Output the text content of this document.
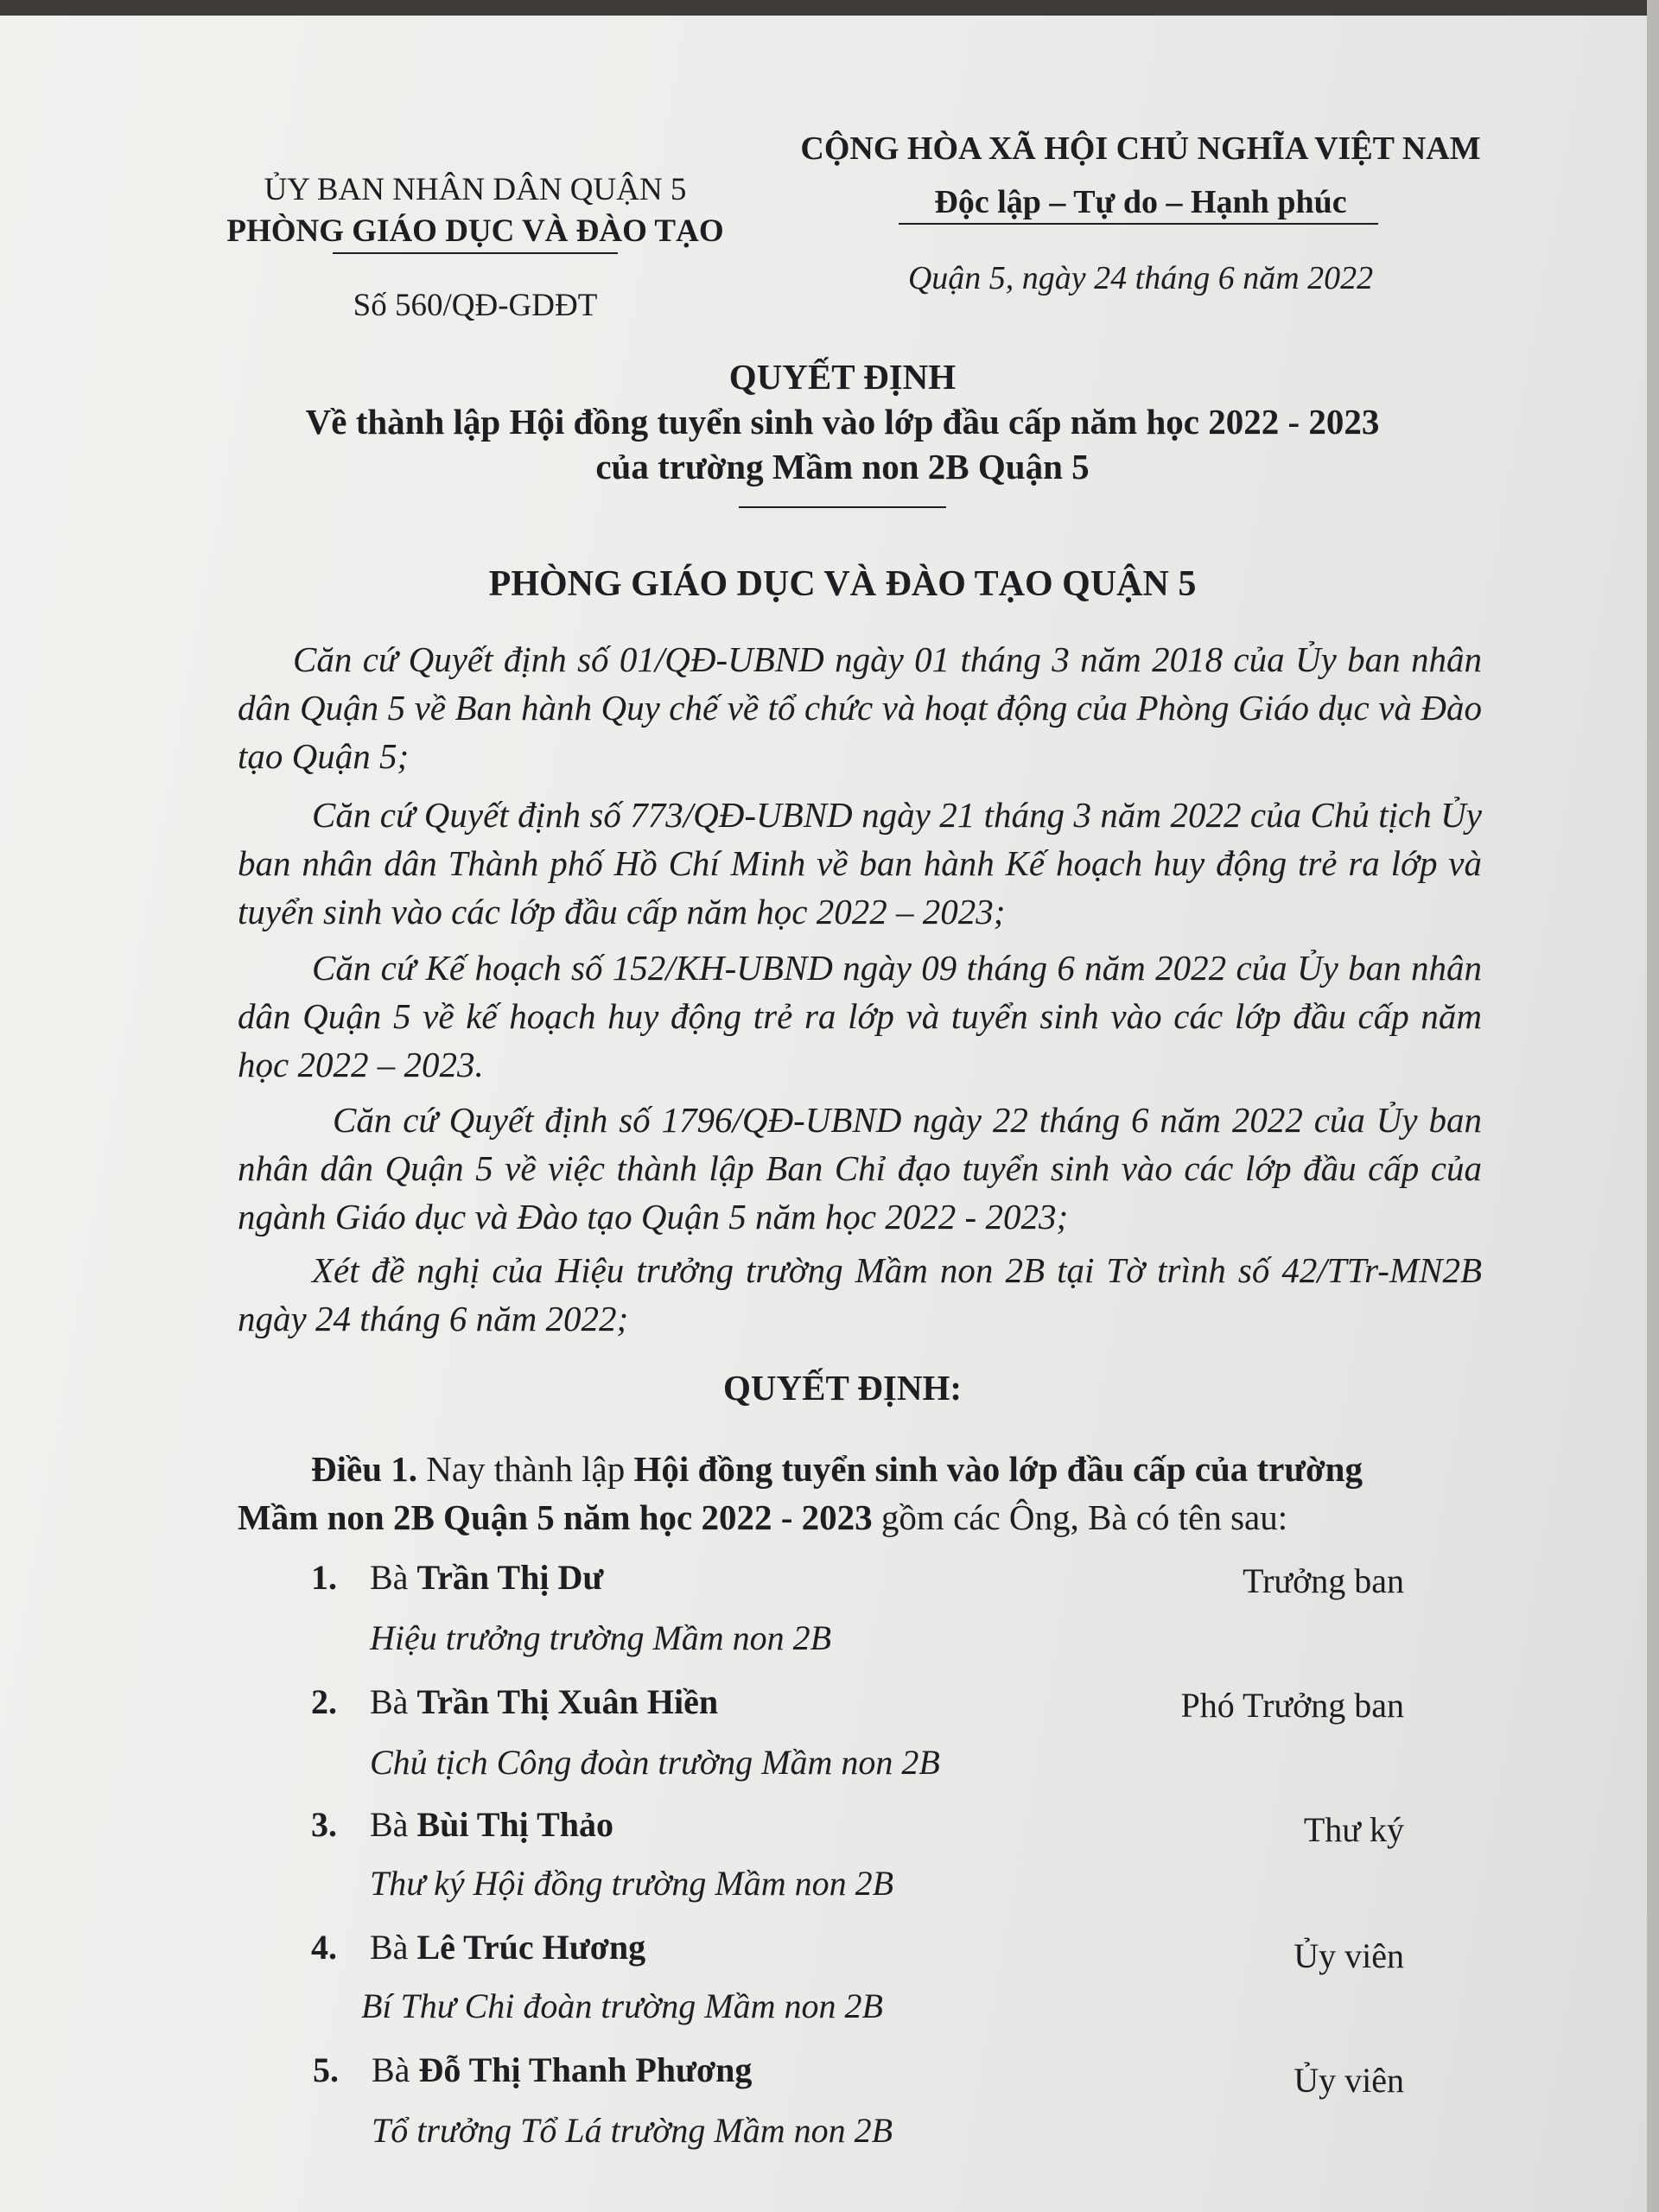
ỦY BAN NHÂN DÂN QUẬN 5
PHÒNG GIÁO DỤC VÀ ĐÀO TẠO
Số 560/QĐ-GDĐT
CỘNG HÒA XÃ HỘI CHỦ NGHĨA VIỆT NAM
Độc lập – Tự do – Hạnh phúc
Quận 5, ngày 24 tháng 6 năm 2022
QUYẾT ĐỊNH
Về thành lập Hội đồng tuyển sinh vào lớp đầu cấp năm học 2022 - 2023
của trường Mầm non 2B Quận 5
PHÒNG GIÁO DỤC VÀ ĐÀO TẠO QUẬN 5
Căn cứ Quyết định số 01/QĐ-UBND ngày 01 tháng 3 năm 2018 của Ủy ban nhân dân Quận 5 về Ban hành Quy chế về tổ chức và hoạt động của Phòng Giáo dục và Đào tạo Quận 5;
Căn cứ Quyết định số 773/QĐ-UBND ngày 21 tháng 3 năm 2022 của Chủ tịch Ủy ban nhân dân Thành phố Hồ Chí Minh về ban hành Kế hoạch huy động trẻ ra lớp và tuyển sinh vào các lớp đầu cấp năm học 2022 – 2023;
Căn cứ Kế hoạch số 152/KH-UBND ngày 09 tháng 6 năm 2022 của Ủy ban nhân dân Quận 5 về kế hoạch huy động trẻ ra lớp và tuyển sinh vào các lớp đầu cấp năm học 2022 – 2023.
Căn cứ Quyết định số 1796/QĐ-UBND ngày 22 tháng 6 năm 2022 của Ủy ban nhân dân Quận 5 về việc thành lập Ban Chỉ đạo tuyển sinh vào các lớp đầu cấp của ngành Giáo dục và Đào tạo Quận 5 năm học 2022 - 2023;
Xét đề nghị của Hiệu trưởng trường Mầm non 2B tại Tờ trình số 42/TTr-MN2B ngày 24 tháng 6 năm 2022;
QUYẾT ĐỊNH:
Điều 1. Nay thành lập Hội đồng tuyển sinh vào lớp đầu cấp của trường
Mầm non 2B Quận 5 năm học 2022 - 2023 gồm các Ông, Bà có tên sau:
1. Bà Trần Thị Dư	Trưởng ban
Hiệu trưởng trường Mầm non 2B
2. Bà Trần Thị Xuân Hiền	Phó Trưởng ban
Chủ tịch Công đoàn trường Mầm non 2B
3. Bà Bùi Thị Thảo	Thư ký
Thư ký Hội đồng trường Mầm non 2B
4. Bà Lê Trúc Hương	Ủy viên
Bí Thư Chi đoàn trường Mầm non 2B
5. Bà Đỗ Thị Thanh Phương	Ủy viên
Tổ trưởng Tổ Lá trường Mầm non 2B
